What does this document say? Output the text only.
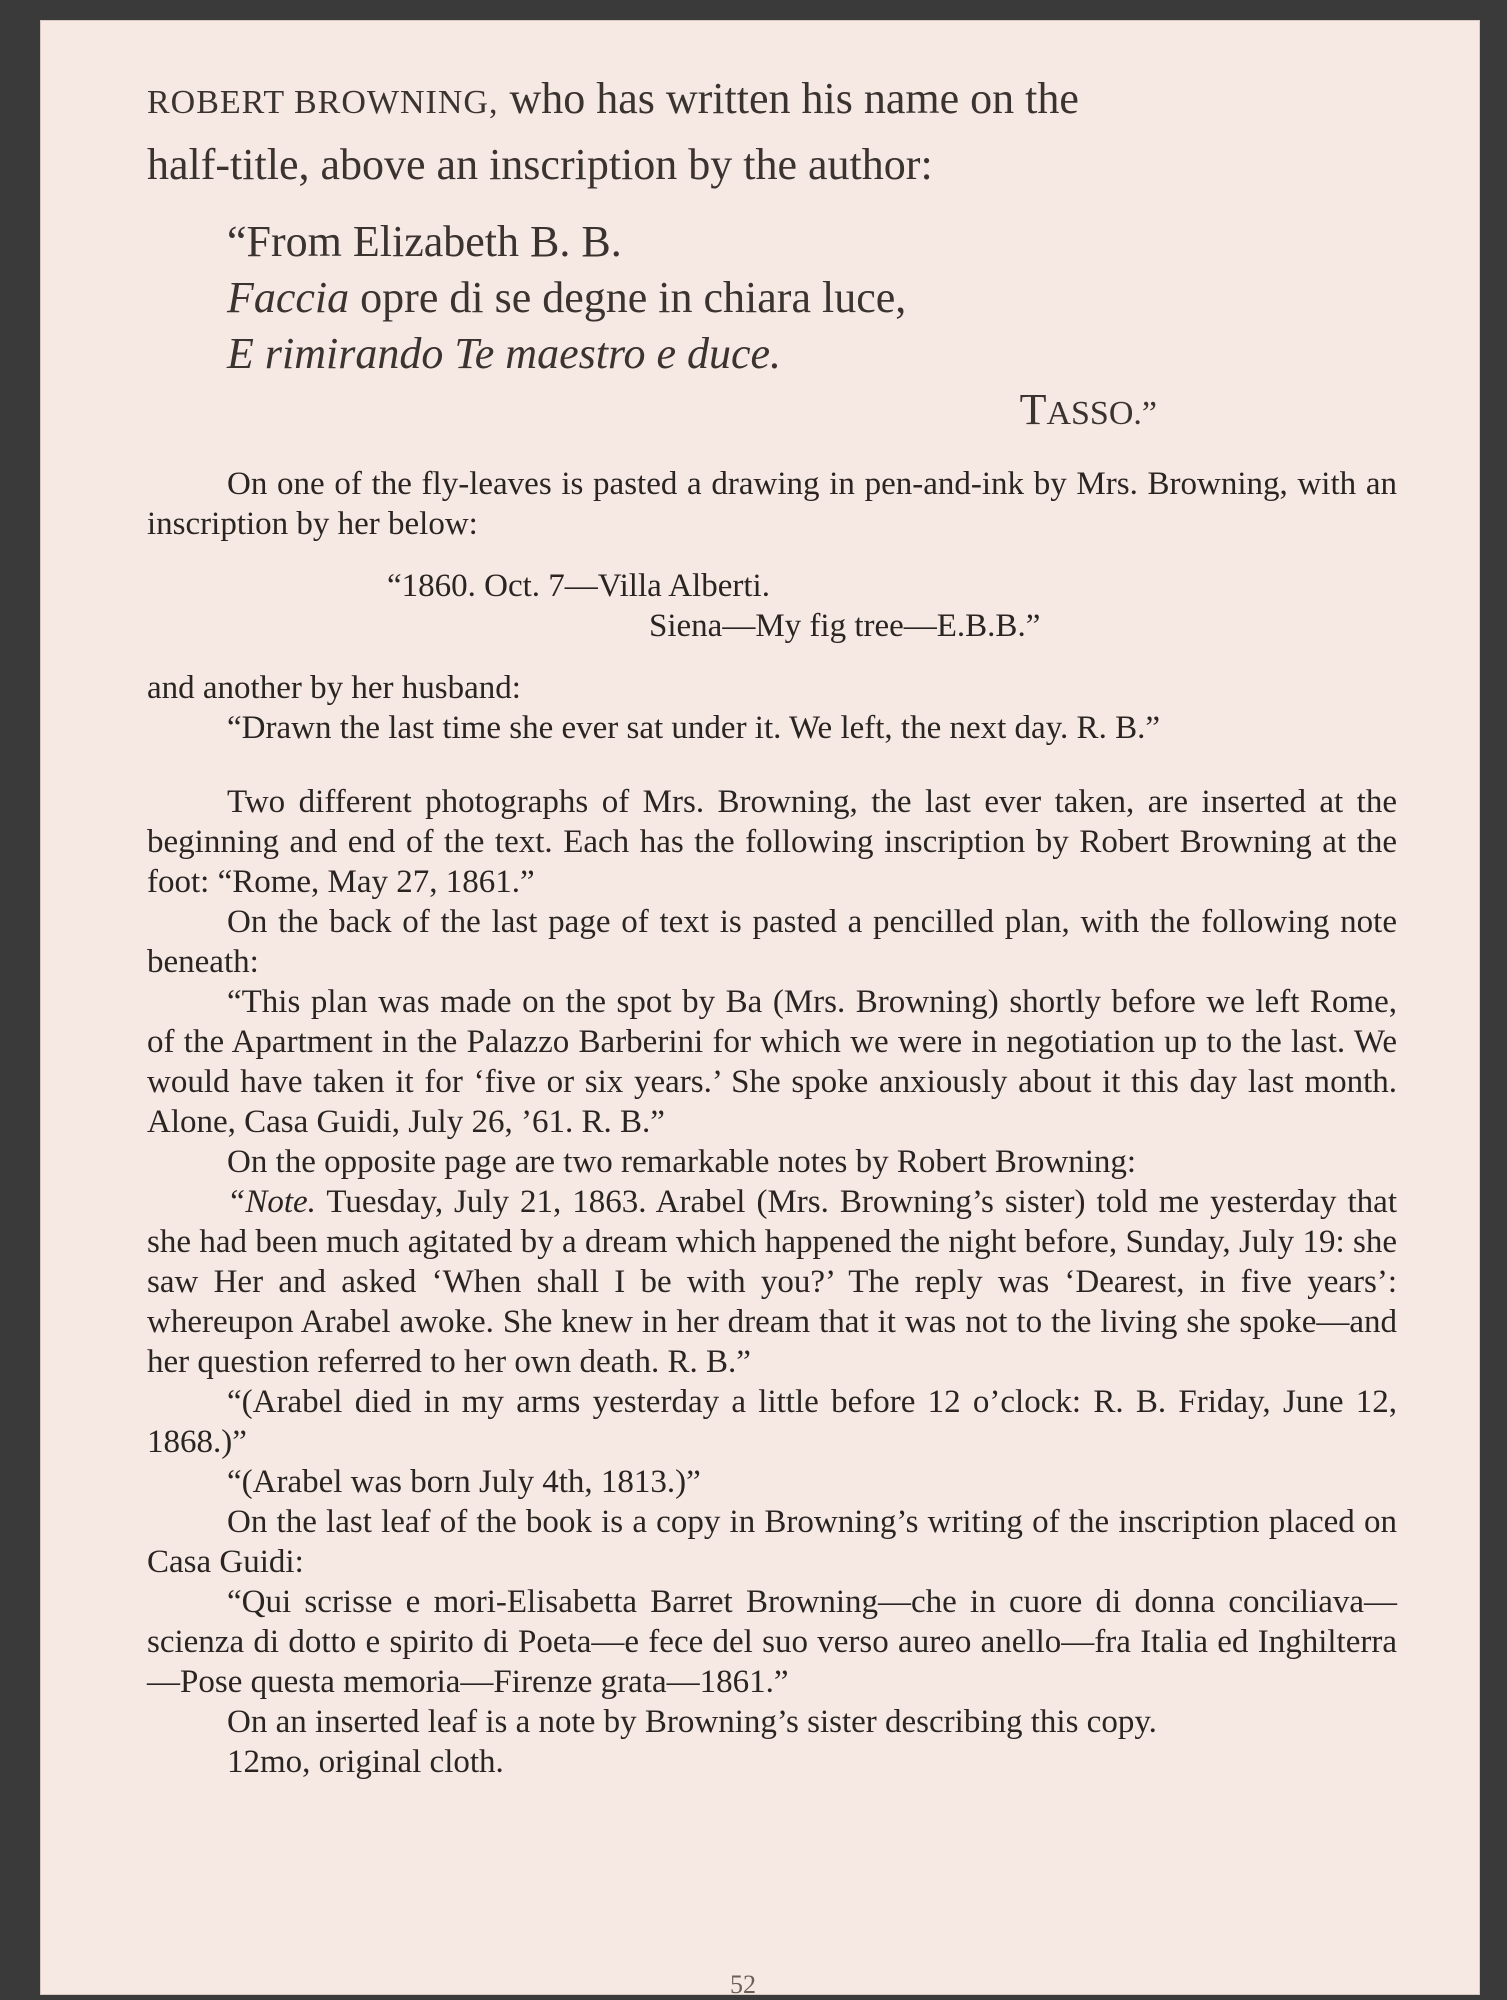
ROBERT BROWNING, who has written his name on the

half-title, above an inscription by the author:

“From Elizabeth B. B.

Faccia opre di se degne in chiara luce,

E rimirando Te maestro e duce.

TASSO.”

On one of the fly-leaves is pasted a drawing in pen-and-ink by Mrs. Browning, with an inscription by her below:

“1860. Oct. 7—Villa Alberti.

Siena—My fig tree—E.B.B.”

and another by her husband:

“Drawn the last time she ever sat under it. We left, the next day. R. B.”

Two different photographs of Mrs. Browning, the last ever taken, are inserted at the beginning and end of the text. Each has the following inscription by Robert Browning at the foot: “Rome, May 27, 1861.”

On the back of the last page of text is pasted a pencilled plan, with the following note beneath:

“This plan was made on the spot by Ba (Mrs. Browning) shortly before we left Rome, of the Apartment in the Palazzo Barberini for which we were in negotiation up to the last. We would have taken it for ‘five or six years.’ She spoke anxiously about it this day last month. Alone, Casa Guidi, July 26, ’61. R. B.”

On the opposite page are two remarkable notes by Robert Browning:

“Note. Tuesday, July 21, 1863. Arabel (Mrs. Browning’s sister) told me yesterday that she had been much agitated by a dream which happened the night before, Sunday, July 19: she saw Her and asked ‘When shall I be with you?’ The reply was ‘Dearest, in five years’: whereupon Arabel awoke. She knew in her dream that it was not to the living she spoke—and her question referred to her own death. R. B.”

“(Arabel died in my arms yesterday a little before 12 o’clock: R. B. Friday, June 12, 1868.)”

“(Arabel was born July 4th, 1813.)”

On the last leaf of the book is a copy in Browning’s writing of the inscription placed on Casa Guidi:

“Qui scrisse e mori-Elisabetta Barret Browning—che in cuore di donna conciliava—scienza di dotto e spirito di Poeta—e fece del suo verso aureo anello—fra Italia ed Inghilterra—Pose questa memoria—Firenze grata—1861.”

On an inserted leaf is a note by Browning’s sister describing this copy.

12mo, original cloth.

52
